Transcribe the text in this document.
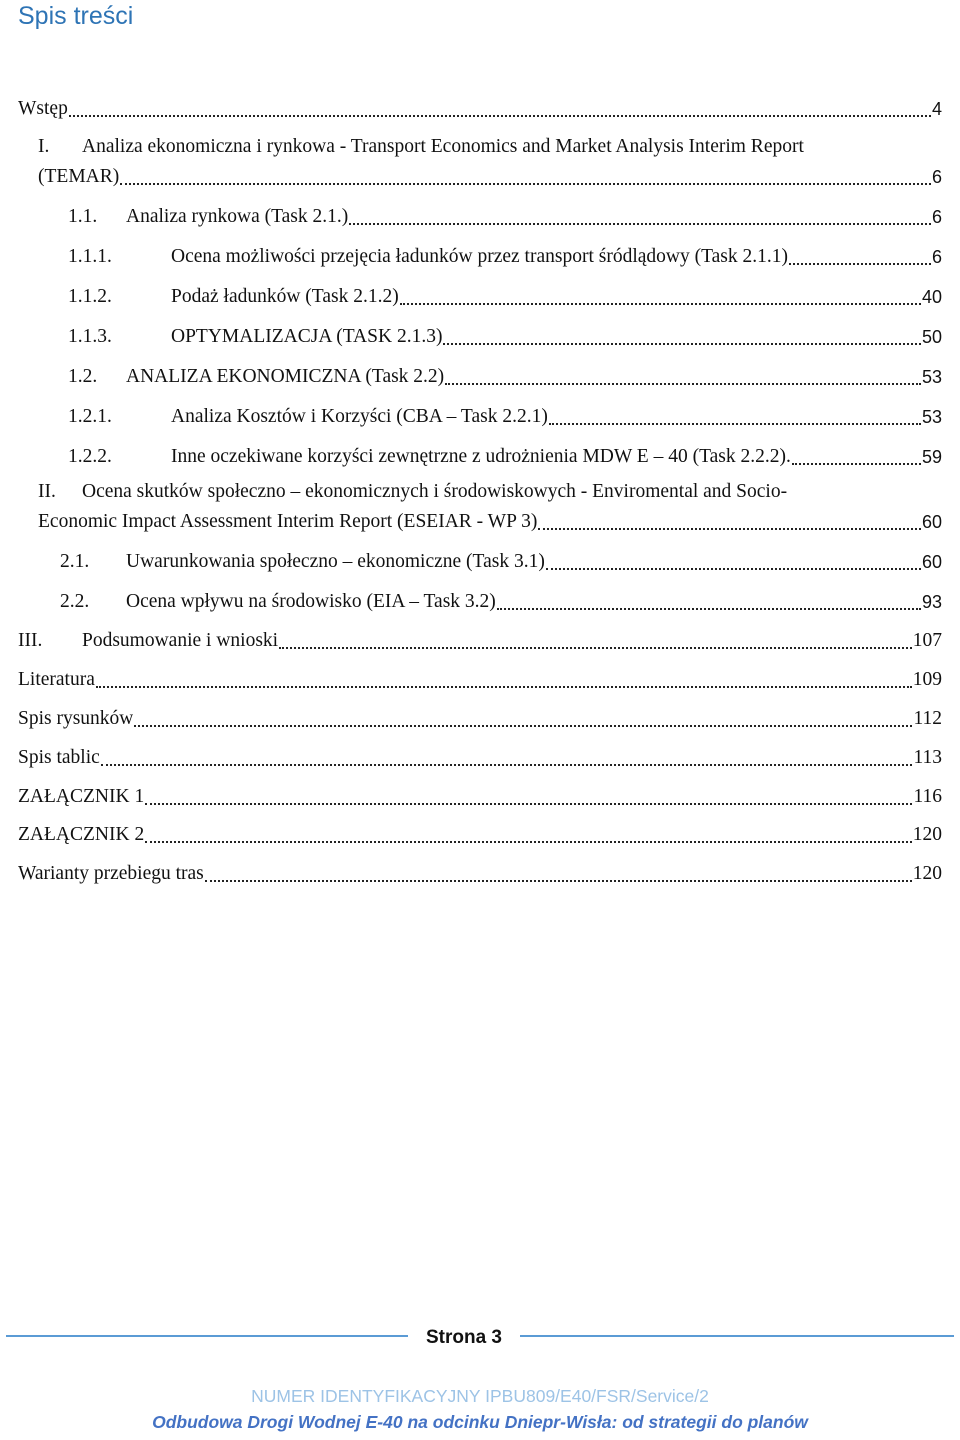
Spis treści
Wstęp	4
I. Analiza ekonomiczna i rynkowa - Transport Economics and Market Analysis Interim Report
(TEMAR)	6
1.1.	Analiza rynkowa (Task 2.1.)	6
1.1.1.	Ocena możliwości przejęcia ładunków przez transport śródlądowy (Task 2.1.1)	6
1.1.2.	Podaż ładunków (Task 2.1.2)	40
1.1.3.	OPTYMALIZACJA (TASK 2.1.3)	50
1.2.	ANALIZA EKONOMICZNA (Task 2.2)	53
1.2.1.	Analiza Kosztów i Korzyści (CBA – Task 2.2.1)	53
1.2.2.	Inne oczekiwane korzyści zewnętrzne z udrożnienia MDW E – 40 (Task 2.2.2).	59
II. Ocena skutków społeczno – ekonomicznych i środowiskowych - Enviromental and Socio-
Economic Impact Assessment Interim Report (ESEIAR - WP 3)	60
2.1.	Uwarunkowania społeczno – ekonomiczne (Task 3.1)	60
2.2.	Ocena wpływu na środowisko (EIA – Task 3.2)	93
III.	Podsumowanie i wnioski	107
Literatura	109
Spis rysunków	112
Spis tablic	113
ZAŁĄCZNIK 1	116
ZAŁĄCZNIK 2	120
Warianty przebiegu tras	120
Strona 3
NUMER IDENTYFIKACYJNY IPBU809/E40/FSR/Service/2
Odbudowa Drogi Wodnej E-40 na odcinku Dniepr-Wisła: od strategii do planów
